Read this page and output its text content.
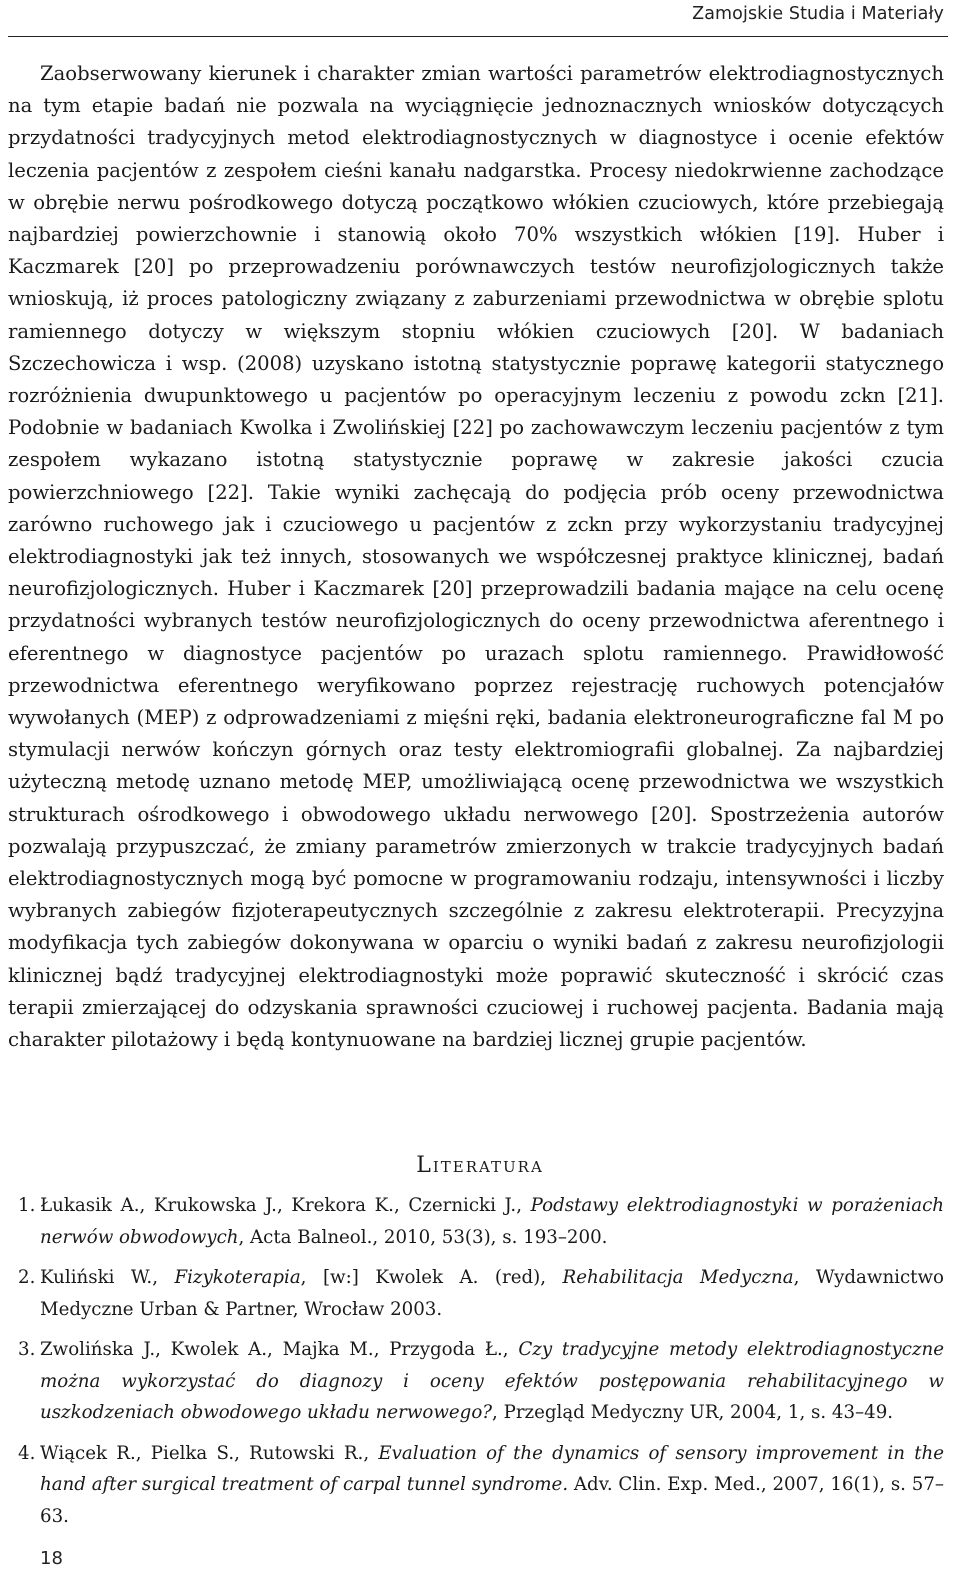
Zamojskie Studia i Materiały

Zaobserwowany kierunek i charakter zmian wartości parametrów elektrodiagnostycznych na tym etapie badań nie pozwala na wyciągnięcie jednoznacznych wniosków dotyczących przydatności tradycyjnych metod elektrodiagnostycznych w diagnostyce i ocenie efektów leczenia pacjentów z zespołem cieśni kanału nadgarstka. Procesy niedokrwienne zachodzące w obrębie nerwu pośrodkowego dotyczą początkowo włókien czuciowych, które przebiegają najbardziej powierzchownie i stanowią około 70% wszystkich włókien [19]. Huber i Kaczmarek [20] po przeprowadzeniu porównawczych testów neurofizjologicznych także wnioskują, iż proces patologiczny związany z zaburzeniami przewodnictwa w obrębie splotu ramiennego dotyczy w większym stopniu włókien czuciowych [20]. W badaniach Szczechowicza i wsp. (2008) uzyskano istotną statystycznie poprawę kategorii statycznego rozróżnienia dwupunktowego u pacjentów po operacyjnym leczeniu z powodu zckn [21]. Podobnie w badaniach Kwolka i Zwolińskiej [22] po zachowawczym leczeniu pacjentów z tym zespołem wykazano istotną statystycznie poprawę w zakresie jakości czucia powierzchniowego [22]. Takie wyniki zachęcają do podjęcia prób oceny przewodnictwa zarówno ruchowego jak i czuciowego u pacjentów z zckn przy wykorzystaniu tradycyjnej elektrodiagnostyki jak też innych, stosowanych we współczesnej praktyce klinicznej, badań neurofizjologicznych. Huber i Kaczmarek [20] przeprowadzili badania mające na celu ocenę przydatności wybranych testów neurofizjologicznych do oceny przewodnictwa aferentnego i eferentnego w diagnostyce pacjentów po urazach splotu ramiennego. Prawidłowość przewodnictwa eferentnego weryfikowano poprzez rejestrację ruchowych potencjałów wywołanych (MEP) z odprowadzeniami z mięśni ręki, badania elektroneurograficzne fal M po stymulacji nerwów kończyn górnych oraz testy elektromiografii globalnej. Za najbardziej użyteczną metodę uznano metodę MEP, umożliwiającą ocenę przewodnictwa we wszystkich strukturach ośrodkowego i obwodowego układu nerwowego [20]. Spostrzeżenia autorów pozwalają przypuszczać, że zmiany parametrów zmierzonych w trakcie tradycyjnych badań elektrodiagnostycznych mogą być pomocne w programowaniu rodzaju, intensywności i liczby wybranych zabiegów fizjoterapeutycznych szczególnie z zakresu elektroterapii. Precyzyjna modyfikacja tych zabiegów dokonywana w oparciu o wyniki badań z zakresu neurofizjologii klinicznej bądź tradycyjnej elektrodiagnostyki może poprawić skuteczność i skrócić czas terapii zmierzającej do odzyskania sprawności czuciowej i ruchowej pacjenta. Badania mają charakter pilotażowy i będą kontynuowane na bardziej licznej grupie pacjentów.

Literatura
1. Łukasik A., Krukowska J., Krekora K., Czernicki J., Podstawy elektrodiagnostyki w porażeniach nerwów obwodowych, Acta Balneol., 2010, 53(3), s. 193–200.
2. Kuliński W., Fizykoterapia, [w:] Kwolek A. (red), Rehabilitacja Medyczna, Wydawnictwo Medyczne Urban & Partner, Wrocław 2003.
3. Zwolińska J., Kwolek A., Majka M., Przygoda Ł., Czy tradycyjne metody elektrodiagnostyczne można wykorzystać do diagnozy i oceny efektów postępowania rehabilitacyjnego w uszkodzeniach obwodowego układu nerwowego?, Przegląd Medyczny UR, 2004, 1, s. 43–49.
4. Wiącek R., Pielka S., Rutowski R., Evaluation of the dynamics of sensory improvement in the hand after surgical treatment of carpal tunnel syndrome. Adv. Clin. Exp. Med., 2007, 16(1), s. 57–63.
18
